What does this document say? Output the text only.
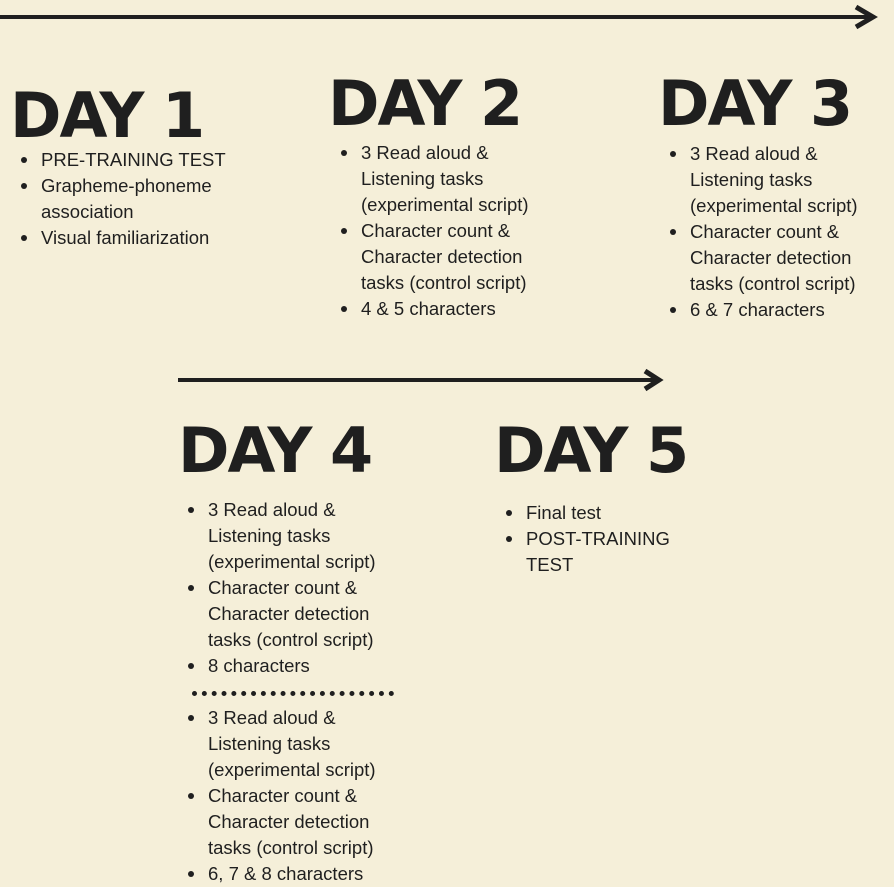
DAY 1
PRE-TRAINING TEST
Grapheme-phoneme association
Visual familiarization
DAY 2
3 Read aloud & Listening tasks (experimental script)
Character count & Character detection tasks (control script)
4 & 5 characters
DAY 3
3 Read aloud & Listening tasks (experimental script)
Character count & Character detection tasks (control script)
6 & 7 characters
DAY 4
3 Read aloud & Listening tasks (experimental script)
Character count & Character detection tasks (control script)
8 characters
3 Read aloud & Listening tasks (experimental script)
Character count & Character detection tasks (control script)
6, 7 & 8 characters
DAY 5
Final test
POST-TRAINING TEST
